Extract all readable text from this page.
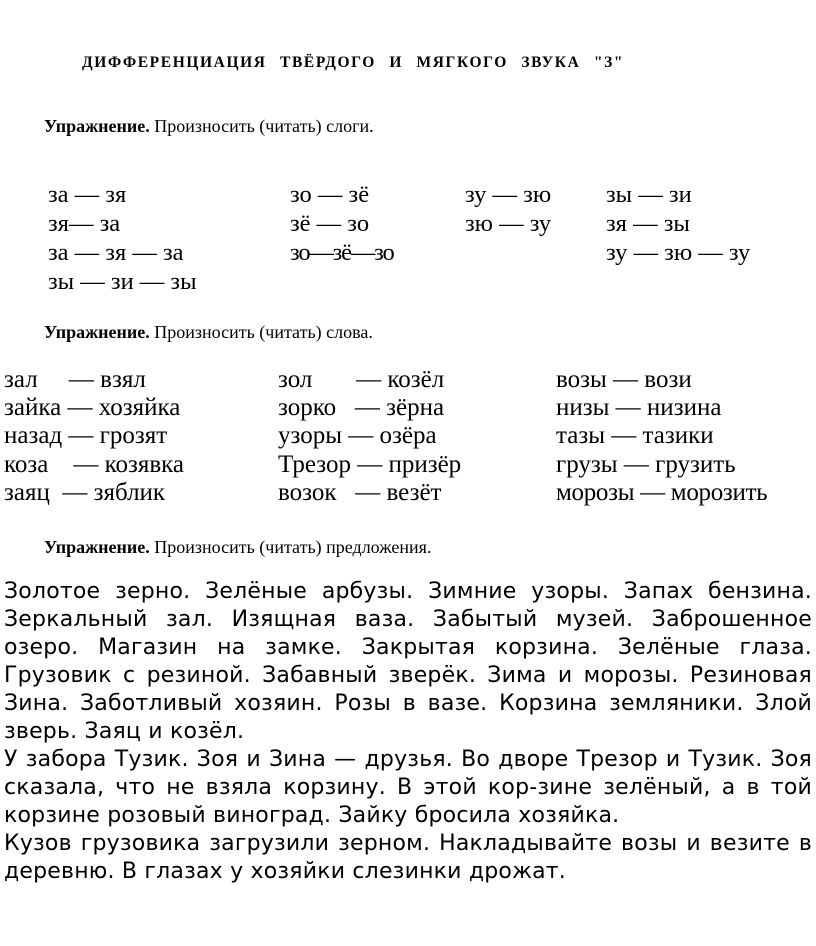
ДИФФЕРЕНЦИАЦИЯ ТВЁРДОГО И МЯГКОГО ЗВУКА "З"
Упражнение. Произносить (читать) слоги.
за — зя
зя— за
за — зя — за
зы — зи — зы
зо — зё
зё — зо
зо—зё—зо
зу — зю
зю — зу
зы — зи
зя — зы
зу — зю — зу
Упражнение. Произносить (читать) слова.
зал     — взял
зайка — хозяйка
назад — грозят
коза    — козявка
заяц  — зяблик
зол       — козёл
зорко   — зёрна
узоры — озёра
Трезор — призёр
возок   — везёт
возы — вози
низы — низина
тазы — тазики
грузы — грузить
морозы — морозить
Упражнение. Произносить (читать) предложения.
Золотое зерно. Зелёные арбузы. Зимние узоры. Запах бензина. Зеркальный зал. Изящная ваза. Забытый музей. Заброшенное озеро. Магазин на замке. Закрытая корзина. Зелёные глаза. Грузовик с резиной. Забавный зверёк. Зима и морозы. Резиновая Зина. Заботливый хозяин. Розы в вазе. Корзина земляники. Злой зверь. Заяц и козёл.
У забора Тузик. Зоя и Зина — друзья. Во дворе Трезор и Тузик. Зоя сказала, что не взяла корзину. В этой кор-зине зелёный, а в той корзине розовый виноград. Зайку бросила хозяйка.
Кузов грузовика загрузили зерном. Накладывайте возы и везите в деревню. В глазах у хозяйки слезинки дрожат.
